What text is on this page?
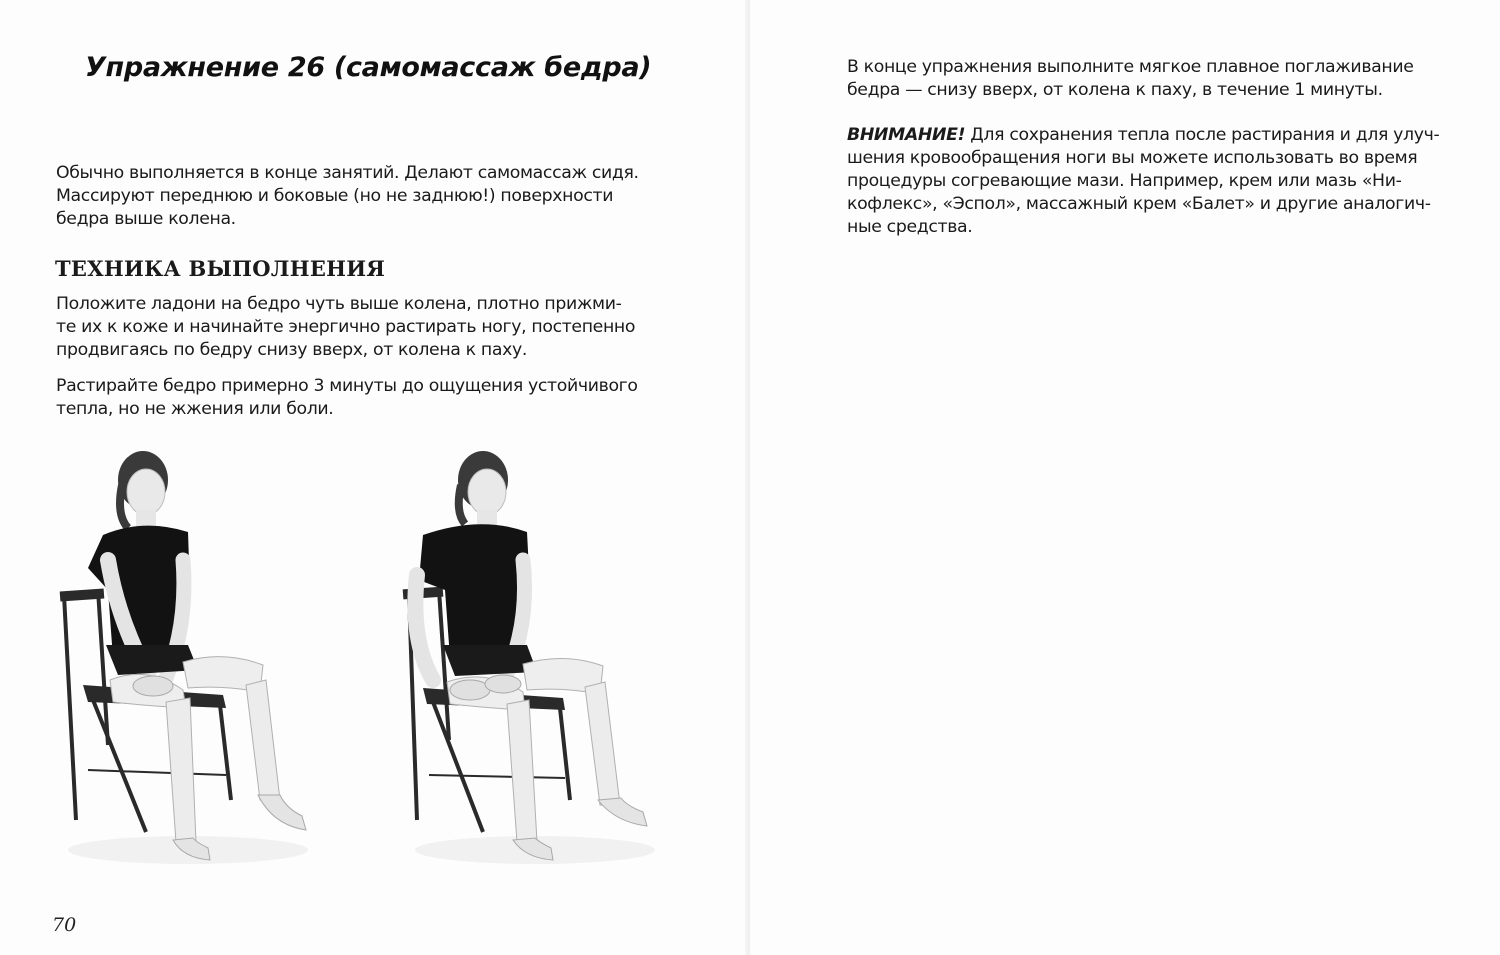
Упражнение 26 (самомассаж бедра)

Обычно выполняется в конце занятий. Делают самомассаж сидя.
Массируют переднюю и боковые (но не заднюю!) поверхности
бедра выше колена.

ТЕХНИКА ВЫПОЛНЕНИЯ

Положите ладони на бедро чуть выше колена, плотно прижми-
те их к коже и начинайте энергично растирать ногу, постепенно
продвигаясь по бедру снизу вверх, от колена к паху.

Растирайте бедро примерно 3 минуты до ощущения устойчивого
тепла, но не жжения или боли.

70

В конце упражнения выполните мягкое плавное поглаживание
бедра — снизу вверх, от колена к паху, в течение 1 минуты.

ВНИМАНИЕ! Для сохранения тепла после растирания и для улуч-
шения кровообращения ноги вы можете использовать во время
процедуры согревающие мази. Например, крем или мазь «Ни-
кофлекс», «Эспол», массажный крем «Балет» и другие аналогич-
ные средства.
